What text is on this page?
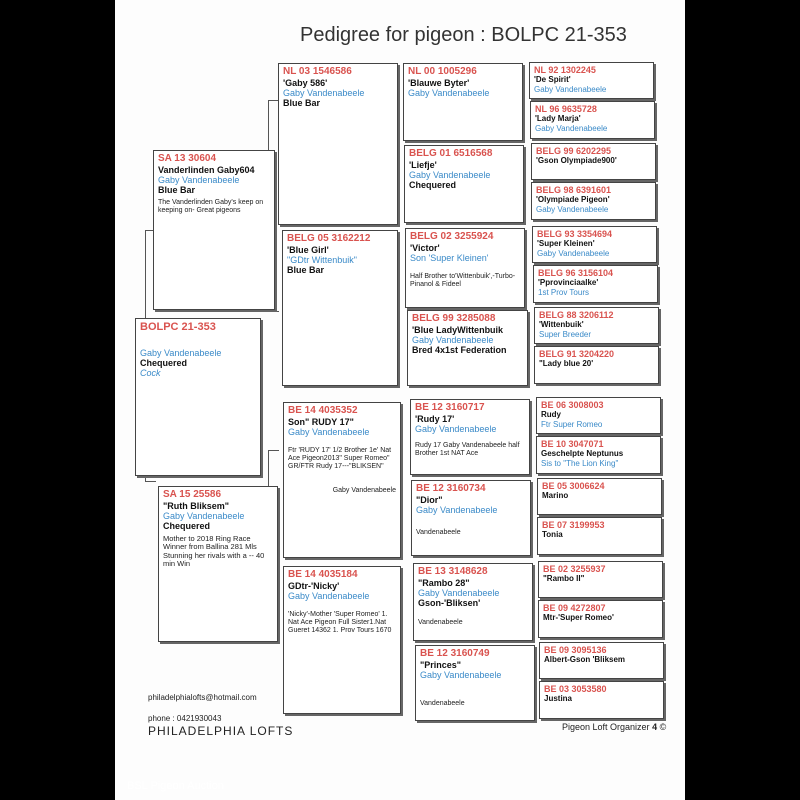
Pedigree for pigeon : BOLPC 21-353
BOLPC 21-353
Gaby Vandenabeele
Chequered
Cock
SA 13 30604
Vanderlinden Gaby604
Gaby Vandenabeele
Blue Bar
The Vanderlinden Gaby's keep on keeping on- Great pigeons
SA 15 25586
"Ruth Bliksem"
Gaby Vandenabeele
Chequered
Mother to 2018 Ring Race Winner from Ballina 281 Mls Stunning her rivals with a -- 40 min Win
NL 03 1546586
'Gaby 586'
Gaby Vandenabeele
Blue Bar
BELG 05 3162212
'Blue Girl'
"GDtr Wittenbuik"
Blue Bar
BE 14 4035352
Son" RUDY 17"
Gaby Vandenabeele
Ftr 'RUDY 17' 1/2 Brother 1e' Nat Ace Pigeon2013" Super Romeo" GR/FTR Rudy 17---"BLIKSEN"
Gaby Vandenabeele
BE 14 4035184
GDtr-'Nicky'
Gaby Vandenabeele
'Nicky'-Mother 'Super Romeo' 1. Nat Ace Pigeon Full Sister1.Nat Gueret 14362 1. Prov Tours 1670
NL 00 1005296
'Blauwe Byter'
Gaby Vandenabeele
BELG 01 6516568
'Liefje'
Gaby Vandenabeele
Chequered
BELG 02 3255924
'Victor'
Son 'Super Kleinen'
Half Brother to'Wittenbuik',-Turbo-Pinanol & Fideel
BELG 99 3285088
'Blue LadyWittenbuik
Gaby Vandenabeele
Bred 4x1st Federation
BE 12 3160717
'Rudy 17'
Gaby Vandenabeele
Rudy 17 Gaby Vandenabeele half Brother 1st NAT Ace
BE 12 3160734
"Dior"
Gaby Vandenabeele
Vandenabeele
BE 13 3148628
"Rambo 28"
Gaby Vandenabeele
Gson-'Bliksen'
Vandenabeele
BE 12 3160749
"Princes"
Gaby Vandenabeele
Vandenabeele
NL 92 1302245
'De Spirit'
Gaby Vandenabeele
NL 96 9635728
'Lady Marja'
Gaby Vandenabeele
BELG 99 6202295
'Gson Olympiade900'
BELG 98 6391601
'Olympiade Pigeon'
Gaby Vandenabeele
BELG 93 3354694
'Super Kleinen'
Gaby Vandenabeele
BELG 96 3156104
'Pprovinciaalke'
1st Prov Tours
BELG 88 3206112
'Wittenbuik'
Super Breeder
BELG 91 3204220
"Lady blue 20'
BE 06 3008003
Rudy
Ftr Super Romeo
BE 10 3047071
Geschelpte Neptunus
Sis to "The Lion King"
BE 05 3006624
Marino
BE 07 3199953
Tonia
BE 02 3255937
"Rambo II"
BE 09 4272807
Mtr-'Super Romeo'
BE 09 3095136
Albert-Gson 'Bliksem
BE 03 3053580
Justina
philadelphialofts@hotmail.com
phone : 0421930043
PHILADELPHIA LOFTS	Pigeon Loft Organizer 4 ©
BSL Pigeon Auction
